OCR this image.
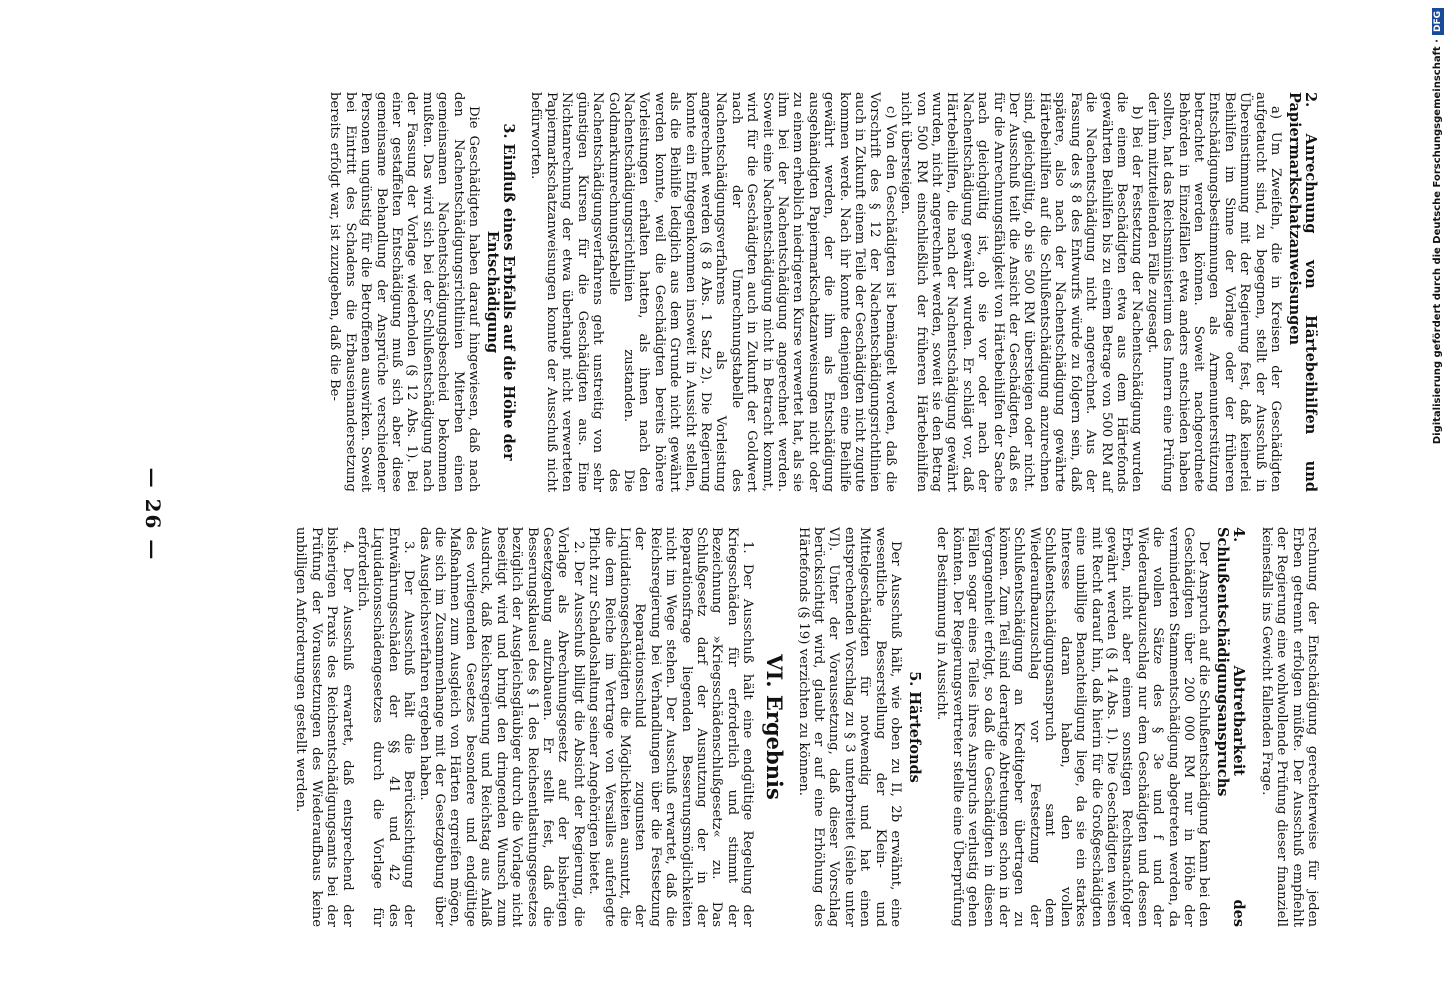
2. Anrechnung von Härtebeihilfen und Papiermarkschatzanweisungen

a) Um Zweifeln, die in Kreisen der Geschädigten aufgetaucht sind, zu begegnen, stellt der Ausschuß in Übereinstimmung mit der Regierung fest, daß keinerlei Beihilfen im Sinne der Vorlage oder der früheren Entschädigungsbestimmungen als Armenunterstützung betrachtet werden können. Soweit nachgeordnete Behörden in Einzelfällen etwa anders entschieden haben sollten, hat das Reichsministerium des Innern eine Prüfung der ihm mitzuteilenden Fälle zugesagt.

b) Bei der Festsetzung der Nachentschädigung wurden die einem Beschädigten etwa aus dem Härtefonds gewährten Beihilfen bis zu einem Betrage von 500 RM auf die Nachentschädigung nicht angerechnet. Aus der Fassung des § 8 des Entwurfs würde zu folgern sein, daß spätere, also nach der Nachentschädigung gewährte Härtebeihilfen auf die Schlußentschädigung anzurechnen sind, gleichgültig, ob sie 500 RM übersteigen oder nicht. Der Ausschuß teilt die Ansicht der Geschädigten, daß es für die Anrechnungsfähigkeit von Härtebeihilfen der Sache nach gleichgültig ist, ob sie vor oder nach der Nachentschädigung gewährt wurden. Er schlägt vor, daß Härtebeihilfen, die nach der Nachentschädigung gewährt wurden, nicht angerechnet werden, soweit sie den Betrag von 500 RM einschließlich der früheren Härtebeihilfen nicht übersteigen.

c) Von den Geschädigten ist bemängelt worden, daß die Vorschrift des § 12 der Nachentschädigungsrichtlinien auch in Zukunft einem Teile der Geschädigten nicht zugute kommen werde. Nach ihr konnte denjenigen eine Beihilfe gewährt werden, der die ihm als Entschädigung ausgehändigten Papiermarkschatzanweisungen nicht oder zu einem erheblich niedrigeren Kurse verwertet hat, als sie ihm bei der Nachentschädigung angerechnet werden. Soweit eine Nachentschädigung nicht in Betracht kommt, wird für die Geschädigten auch in Zukunft der Goldwert nach der Umrechnungstabelle des Nachentschädigungsverfahrens als Vorleistung angerechnet werden (§ 8 Abs. 1 Satz 2). Die Regierung konnte ein Entgegenkommen insoweit in Aussicht stellen, als die Beihilfe lediglich aus dem Grunde nicht gewährt werden konnte, weil die Geschädigten bereits höhere Vorleistungen erhalten hatten, als ihnen nach den Nachentschädigungsrichtlinien zustanden. Die Goldmarkumrechnungstabelle des Nachentschädigungsverfahrens geht unstreitig von sehr günstigen Kursen für die Geschädigten aus. Eine Nichtanrechnung der etwa überhaupt nicht verwerteten Papiermarkschatzanweisungen konnte der Ausschuß nicht befürworten.

3. Einfluß eines Erbfalls auf die Höhe der Entschädigung

Die Geschädigten haben darauf hingewiesen, daß nach den Nachentschädigungsrichtlinien Miterben einen gemeinsamen Nachentschädigungsbescheid bekommen mußten. Das wird sich bei der Schlußentschädigung nach der Fassung der Vorlage wiederholen (§ 12 Abs. 1). Bei einer gestaffelten Entschädigung muß sich aber diese gemeinsame Behandlung der Ansprüche verschiedener Personen ungünstig für die Betroffenen auswirken. Soweit bei Eintritt des Schadens die Erbauseinandersetzung bereits erfolgt war, ist zuzugeben, daß die Be-

rechnung der Entschädigung gerechterweise für jeden Erben getrennt erfolgen müßte. Der Ausschuß empfiehlt der Regierung eine wohlwollende Prüfung dieser finanziell keinesfalls ins Gewicht fallenden Frage.

4. Abtretbarkeit des Schlußentschädigungsanspruchs

Der Anspruch auf die Schlußentschädigung kann bei den Geschädigten über 200 000 RM nur in Höhe der verminderten Stammentschädigung abgetreten werden, da die vollen Sätze des § 3e und f und der Wiederaufbauzuschlag nur dem Geschädigten und dessen Erben, nicht aber einem sonstigen Rechtsnachfolger gewährt werden (§ 14 Abs. 1). Die Geschädigten weisen mit Recht darauf hin, daß hierin für die Großgeschädigten eine unbillige Benachteiligung liege, da sie ein starkes Interesse daran haben, den vollen Schlußentschädigungsanspruch samt dem Wiederaufbauzuschlag vor Festsetzung der Schlußentschädigung an Kreditgeber übertragen zu können. Zum Teil sind derartige Abtretungen schon in der Vergangenheit erfolgt, so daß die Geschädigten in diesen Fällen sogar eines Teiles ihres Anspruchs verlustig gehen könnten. Der Regierungsvertreter stellte eine Überprüfung der Bestimmung in Aussicht.

5. Härtefonds

Der Ausschuß hält, wie oben zu II, 2b erwähnt, eine wesentliche Besserstellung der Klein- und Mittelgeschädigten für notwendig und hat einen entsprechenden Vorschlag zu § 3 unterbreitet (siehe unter VI). Unter der Voraussetzung, daß dieser Vorschlag berücksichtigt wird, glaubt er auf eine Erhöhung des Härtefonds (§ 19) verzichten zu können.

VI. Ergebnis

1. Der Ausschuß hält eine endgültige Regelung der Kriegsschäden für erforderlich und stimmt der Bezeichnung »Kriegsschädenschlußgesetz« zu. Das Schlußgesetz darf der Ausnutzung der in der Reparationsfrage liegenden Besserungsmöglichkeiten nicht im Wege stehen. Der Ausschuß erwartet, daß die Reichsregierung bei Verhandlungen über die Festsetzung der Reparationsschuld zugunsten der Liquidationsgeschädigten die Möglichkeiten ausnutzt, die die dem Reiche im Vertrage von Versailles auferlegte Pflicht zur Schadloshaltung seiner Angehörigen bietet.

2. Der Ausschuß billigt die Absicht der Regierung, die Vorlage als Abrechnungsgesetz auf der bisherigen Gesetzgebung aufzubauen. Er stellt fest, daß die Besserungsklausel des § 1 des Reichsentlastungsgesetzes bezüglich der Ausgleichsgläubiger durch die Vorlage nicht beseitigt wird und bringt den dringenden Wunsch zum Ausdruck, daß Reichsregierung und Reichstag aus Anlaß des vorliegenden Gesetzes besondere und endgültige Maßnahmen zum Ausgleich von Härten ergreifen mögen, die sich im Zusammenhange mit der Gesetzgebung über das Ausgleichsverfahren ergeben haben.

3. Der Ausschuß hält die Berücksichtigung der Entwährungsschäden der §§ 41 und 42 des Liquidationsschädengesetzes durch die Vorlage für erforderlich.

4. Der Ausschuß erwartet, daß entsprechend der bisherigen Praxis des Reichsentschädigungsamts bei der Prüfung der Voraussetzungen des Wiederaufbaus keine unbilligen Anforderungen gestellt werden.

— 26 —
Digitalisierung gefördert durch die Deutsche Forschungsgemeinschaft ·DFG
